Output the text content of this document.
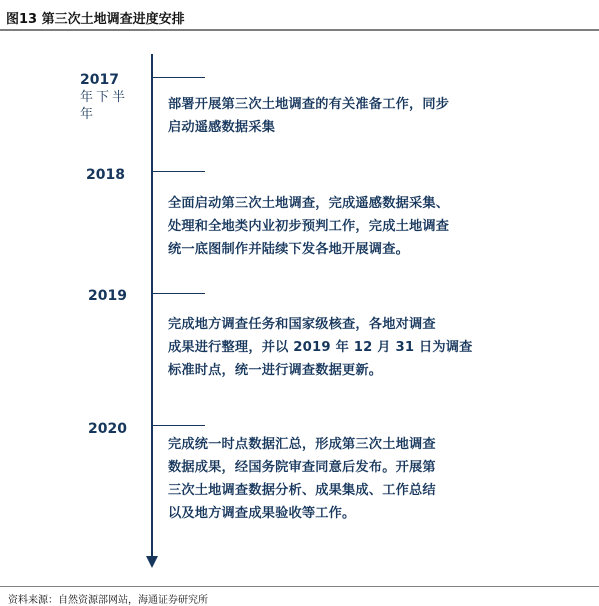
图13 第三次土地调查进度安排
2017
年下半年
部署开展第三次土地调查的有关准备工作，同步
启动遥感数据采集
2018
全面启动第三次土地调查，完成遥感数据采集、
处理和全地类内业初步预判工作，完成土地调查
统一底图制作并陆续下发各地开展调查。
2019
完成地方调查任务和国家级核查，各地对调查
成果进行整理，并以 2019 年 12 月 31 日为调查
标准时点，统一进行调查数据更新。
2020
完成统一时点数据汇总，形成第三次土地调查
数据成果，经国务院审查同意后发布。开展第
三次土地调查数据分析、成果集成、工作总结
以及地方调查成果验收等工作。
资料来源：自然资源部网站，海通证券研究所
